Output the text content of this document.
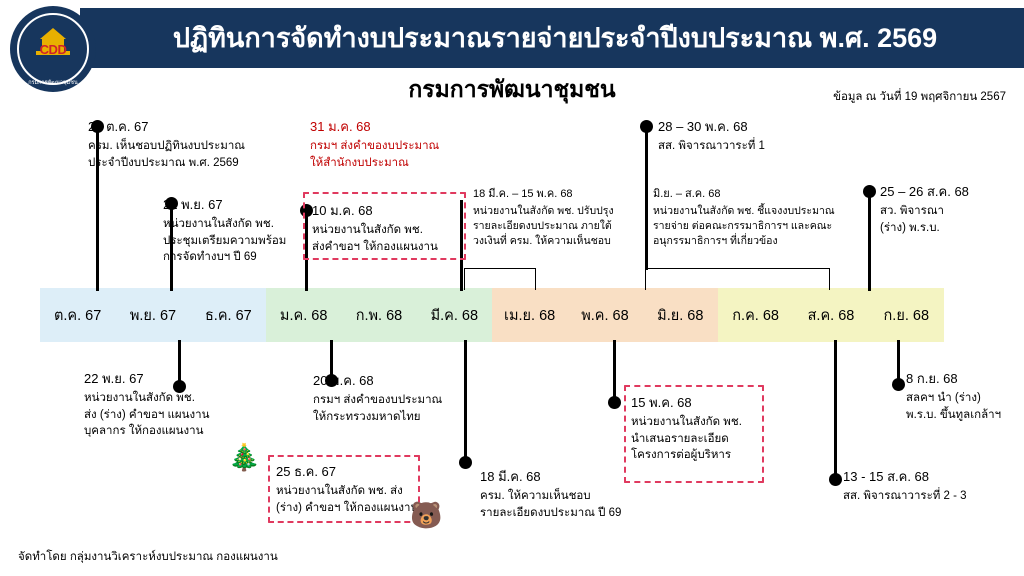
ปฏิทินการจัดทำงบประมาณรายจ่ายประจำปีงบประมาณ พ.ศ. 2569
CDD
กรมการพัฒนาชุมชน	กรมการพัฒนาชุมชน	ข้อมูล ณ วันที่ 19 พฤศจิกายน 2567
ต.ค. 67	พ.ย. 67	ธ.ค. 67	ม.ค. 68	ก.พ. 68	มี.ค. 68	เม.ย. 68	พ.ค. 68	มิ.ย. 68	ก.ค. 68	ส.ค. 68	ก.ย. 68
22 ต.ค. 67
ครม. เห็นชอบปฏิทินงบประมาณ
ประจำปีงบประมาณ พ.ศ. 2569
21 พ.ย. 67
หน่วยงานในสังกัด พช.
ประชุมเตรียมความพร้อม
การจัดทำงบฯ ปี 69
31 ม.ค. 68
กรมฯ ส่งคำของบประมาณ
ให้สำนักงบประมาณ
10 ม.ค. 68
หน่วยงานในสังกัด พช.
ส่งคำขอฯ ให้กองแผนงาน
18 มี.ค. – 15 พ.ค. 68
หน่วยงานในสังกัด พช. ปรับปรุง
รายละเอียดงบประมาณ ภายใต้
วงเงินที่ ครม. ให้ความเห็นชอบ
มิ.ย. – ส.ค. 68
หน่วยงานในสังกัด พช. ชี้แจงงบประมาณ
รายจ่าย ต่อคณะกรรมาธิการฯ และคณะ
อนุกรรมาธิการฯ ที่เกี่ยวข้อง
28 – 30 พ.ค. 68
สส. พิจารณาวาระที่ 1
25 – 26 ส.ค. 68
สว. พิจารณา
(ร่าง) พ.ร.บ.
22 พ.ย. 67
หน่วยงานในสังกัด พช.
ส่ง (ร่าง) คำขอฯ แผนงาน
บุคลากร ให้กองแผนงาน
25 ธ.ค. 67
หน่วยงานในสังกัด พช. ส่ง
(ร่าง) คำขอฯ ให้กองแผนงาน
20 ม.ค. 68
กรมฯ ส่งคำของบประมาณ
ให้กระทรวงมหาดไทย
18 มี.ค. 68
ครม. ให้ความเห็นชอบ
รายละเอียดงบประมาณ ปี 69
15 พ.ค. 68
หน่วยงานในสังกัด พช.
นำเสนอรายละเอียด
โครงการต่อผู้บริหาร
13 - 15 ส.ค. 68
สส. พิจารณาวาระที่ 2 - 3
8 ก.ย. 68
สลคฯ นำ (ร่าง)
พ.ร.บ. ขึ้นทูลเกล้าฯ
🎄
🐻
จัดทำโดย กลุ่มงานวิเคราะห์งบประมาณ กองแผนงาน
